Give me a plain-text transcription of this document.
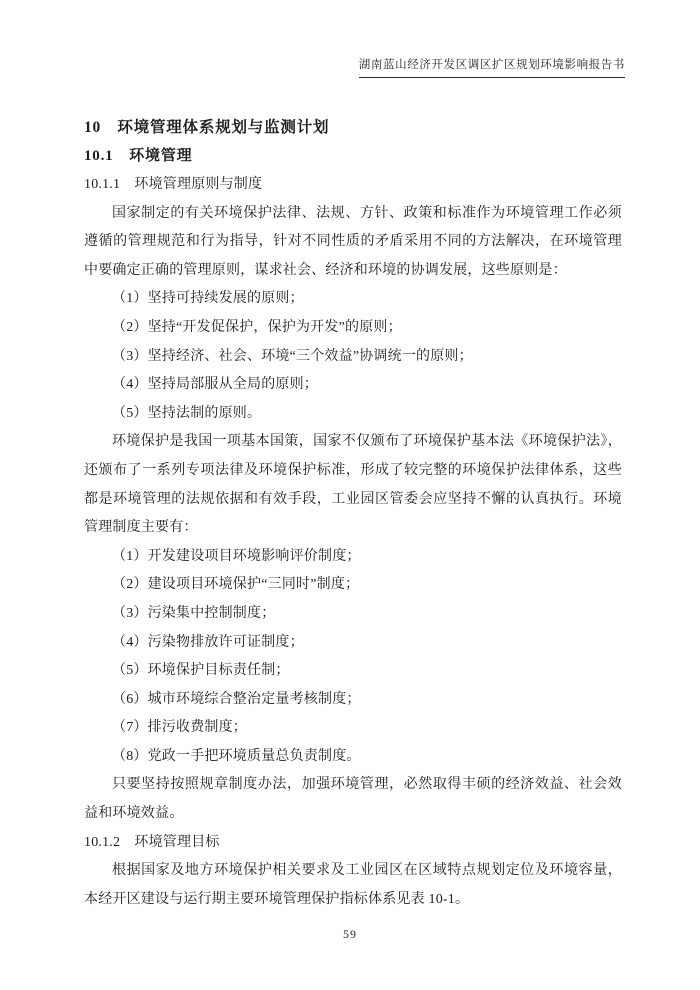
湖南蓝山经济开发区调区扩区规划环境影响报告书

10　环境管理体系规划与监测计划

10.1　环境管理

10.1.1　环境管理原则与制度

国家制定的有关环境保护法律、法规、方针、政策和标准作为环境管理工作必须遵循的管理规范和行为指导，针对不同性质的矛盾采用不同的方法解决，在环境管理中要确定正确的管理原则，谋求社会、经济和环境的协调发展，这些原则是：

（1）坚持可持续发展的原则；
（2）坚持“开发促保护，保护为开发”的原则；
（3）坚持经济、社会、环境“三个效益”协调统一的原则；
（4）坚持局部服从全局的原则；
（5）坚持法制的原则。

环境保护是我国一项基本国策，国家不仅颁布了环境保护基本法《环境保护法》，还颁布了一系列专项法律及环境保护标准，形成了较完整的环境保护法律体系，这些都是环境管理的法规依据和有效手段，工业园区管委会应坚持不懈的认真执行。环境管理制度主要有：

（1）开发建设项目环境影响评价制度；
（2）建设项目环境保护“三同时”制度；
（3）污染集中控制制度；
（4）污染物排放许可证制度；
（5）环境保护目标责任制；
（6）城市环境综合整治定量考核制度；
（7）排污收费制度；
（8）党政一手把环境质量总负责制度。

只要坚持按照规章制度办法，加强环境管理，必然取得丰硕的经济效益、社会效益和环境效益。

10.1.2　环境管理目标

根据国家及地方环境保护相关要求及工业园区在区域特点规划定位及环境容量，本经开区建设与运行期主要环境管理保护指标体系见表 10-1。

59
